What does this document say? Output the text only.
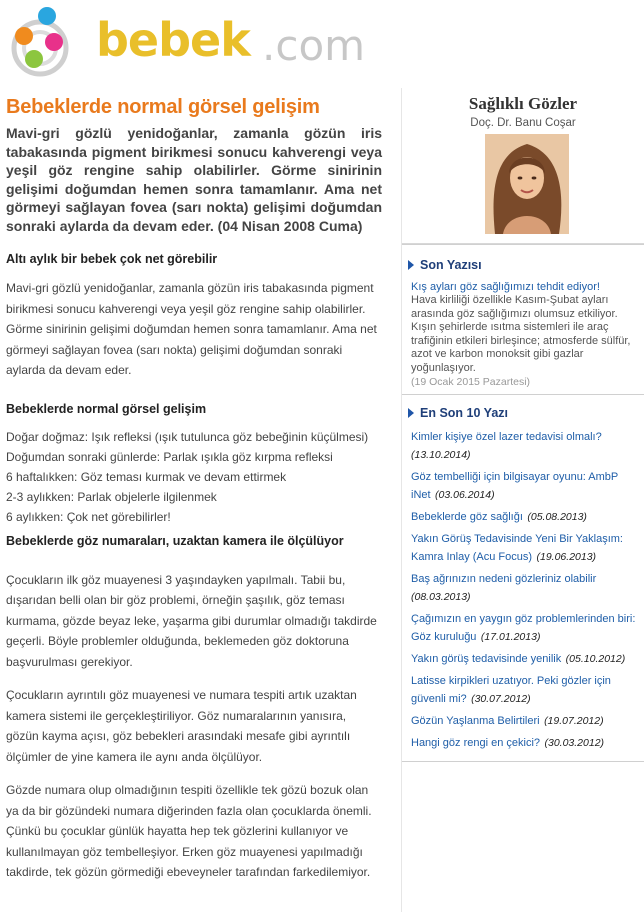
bebek .com
Bebeklerde normal görsel gelişim

Mavi-gri gözlü yenidoğanlar, zamanla gözün iris tabakasında pigment birikmesi sonucu kahverengi veya yeşil göz rengine sahip olabilirler. Görme sinirinin gelişimi doğumdan hemen sonra tamamlanır. Ama net görmeyi sağlayan fovea (sarı nokta) gelişimi doğumdan sonraki aylarda da devam eder. (04 Nisan 2008 Cuma)

Altı aylık bir bebek çok net görebilir

Mavi-gri gözlü yenidoğanlar, zamanla gözün iris tabakasında pigment birikmesi sonucu kahverengi veya yeşil göz rengine sahip olabilirler. Görme sinirinin gelişimi doğumdan hemen sonra tamamlanır. Ama net görmeyi sağlayan fovea (sarı nokta) gelişimi doğumdan sonraki aylarda da devam eder.

Bebeklerde normal görsel gelişim
Doğar doğmaz: Işık refleksi (ışık tutulunca göz bebeğinin küçülmesi)
Doğumdan sonraki günlerde: Parlak ışıkla göz kırpma refleksi
6 haftalıkken: Göz teması kurmak ve devam ettirmek
2-3 aylıkken: Parlak objelerle ilgilenmek
6 aylıkken: Çok net görebilirler!
Bebeklerde göz numaraları, uzaktan kamera ile ölçülüyor

Çocukların ilk göz muayenesi 3 yaşındayken yapılmalı. Tabii bu, dışarıdan belli olan bir göz problemi, örneğin şaşılık, göz teması kurmama, gözde beyaz leke, yaşarma gibi durumlar olmadığı takdirde geçerli. Böyle problemler olduğunda, beklemeden göz doktoruna başvurulması gerekiyor.

Çocukların ayrıntılı göz muayenesi ve numara tespiti artık uzaktan kamera sistemi ile gerçekleştiriliyor. Göz numaralarının yanısıra, gözün kayma açısı, göz bebekleri arasındaki mesafe gibi ayrıntılı ölçümler de yine kamera ile aynı anda ölçülüyor.

Gözde numara olup olmadığının tespiti özellikle tek gözü bozuk olan ya da bir gözündeki numara diğerinden fazla olan çocuklarda önemli. Çünkü bu çocuklar günlük hayatta hep tek gözlerini kullanıyor ve kullanılmayan göz tembelleşiyor. Erken göz muayenesi yapılmadığı takdirde, tek gözün görmediği ebeveyneler tarafından farkedilemiyor.

Sağlıklı Gözler
Doç. Dr. Banu Coşar
Son Yazısı
Kış ayları göz sağlığımızı tehdit ediyor!
Hava kirliliği özellikle Kasım-Şubat ayları arasında göz sağlığımızı olumsuz etkiliyor. Kışın şehirlerde ısıtma sistemleri ile araç trafiğinin etkileri birleşince; atmosferde sülfür, azot ve karbon monoksit gibi gazlar yoğunlaşıyor.
(19 Ocak 2015 Pazartesi)
En Son 10 Yazı
Kimler kişiye özel lazer tedavisi olmalı?
(13.10.2014)
Göz tembelliği için bilgisayar oyunu: AmbP iNet (03.06.2014)
Bebeklerde göz sağlığı (05.08.2013)
Yakın Görüş Tedavisinde Yeni Bir Yaklaşım: Kamra Inlay (Acu Focus) (19.06.2013)
Baş ağrınızın nedeni gözleriniz olabilir
(08.03.2013)
Çağımızın en yaygın göz problemlerinden biri: Göz kuruluğu (17.01.2013)
Yakın görüş tedavisinde yenilik (05.10.2012)
Latisse kirpikleri uzatıyor. Peki gözler için güvenli mi? (30.07.2012)
Gözün Yaşlanma Belirtileri (19.07.2012)
Hangi göz rengi en çekici? (30.03.2012)
